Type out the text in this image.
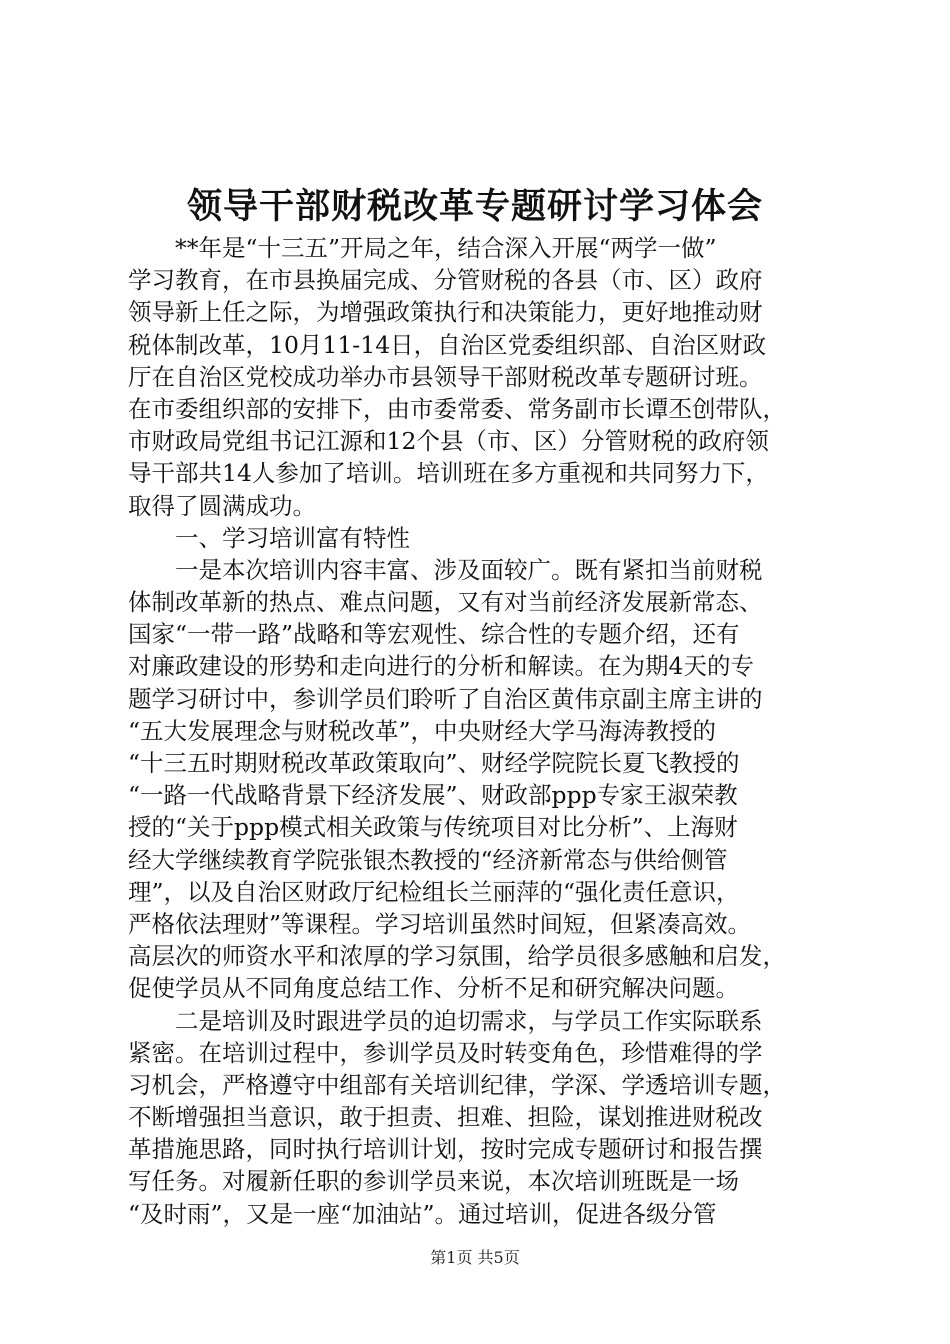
领导干部财税改革专题研讨学习体会
　　**年是“十三五”开局之年，结合深入开展“两学一做”
学习教育，在市县换届完成、分管财税的各县（市、区）政府
领导新上任之际，为增强政策执行和决策能力，更好地推动财
税体制改革，10月11-14日，自治区党委组织部、自治区财政
厅在自治区党校成功举办市县领导干部财税改革专题研讨班。
在市委组织部的安排下，由市委常委、常务副市长谭丕创带队，
市财政局党组书记江源和12个县（市、区）分管财税的政府领
导干部共14人参加了培训。培训班在多方重视和共同努力下，
取得了圆满成功。
　　一、学习培训富有特性
　　一是本次培训内容丰富、涉及面较广。既有紧扣当前财税
体制改革新的热点、难点问题，又有对当前经济发展新常态、
国家“一带一路”战略和等宏观性、综合性的专题介绍，还有
对廉政建设的形势和走向进行的分析和解读。在为期4天的专
题学习研讨中，参训学员们聆听了自治区黄伟京副主席主讲的
“五大发展理念与财税改革”，中央财经大学马海涛教授的
“十三五时期财税改革政策取向”、财经学院院长夏飞教授的
“一路一代战略背景下经济发展”、财政部ppp专家王淑荣教
授的“关于ppp模式相关政策与传统项目对比分析”、上海财
经大学继续教育学院张银杰教授的“经济新常态与供给侧管
理”，以及自治区财政厅纪检组长兰丽萍的“强化责任意识，
严格依法理财”等课程。学习培训虽然时间短，但紧凑高效。
高层次的师资水平和浓厚的学习氛围，给学员很多感触和启发，
促使学员从不同角度总结工作、分析不足和研究解决问题。
　　二是培训及时跟进学员的迫切需求，与学员工作实际联系
紧密。在培训过程中，参训学员及时转变角色，珍惜难得的学
习机会，严格遵守中组部有关培训纪律，学深、学透培训专题，
不断增强担当意识，敢于担责、担难、担险，谋划推进财税改
革措施思路，同时执行培训计划，按时完成专题研讨和报告撰
写任务。对履新任职的参训学员来说，本次培训班既是一场
“及时雨”，又是一座“加油站”。通过培训，促进各级分管
第1页 共5页
